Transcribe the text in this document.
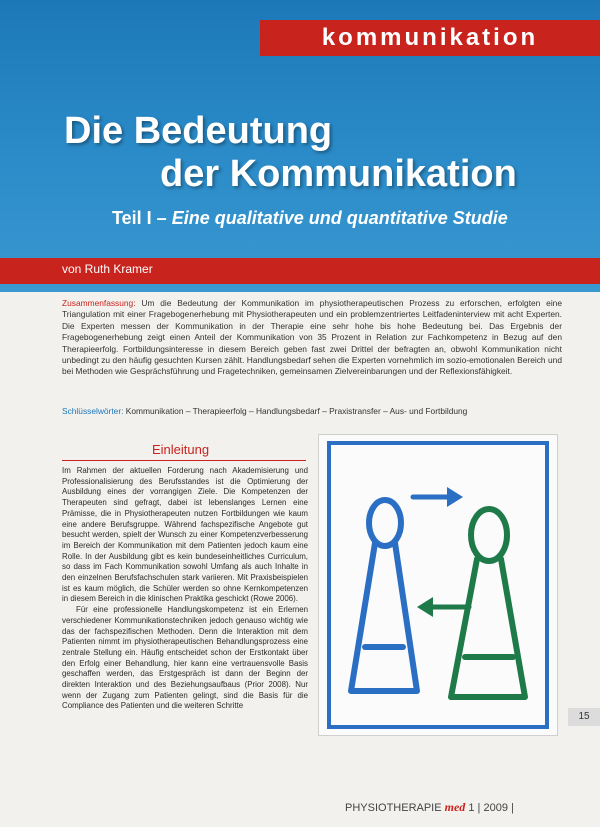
kommunikation
Die Bedeutung
der Kommunikation
Teil I – Eine qualitative und quantitative Studie
von Ruth Kramer
Zusammenfassung: Um die Bedeutung der Kommunikation im physiotherapeutischen Prozess zu erforschen, erfolgten eine Triangulation mit einer Fragebogenerhebung mit Physiotherapeuten und ein problemzentriertes Leitfadeninterview mit acht Experten. Die Experten messen der Kommunikation in der Therapie eine sehr hohe bis hohe Bedeutung bei. Das Ergebnis der Fragebogenerhebung zeigt einen Anteil der Kommunikation von 35 Prozent in Relation zur Fachkompetenz in Bezug auf den Therapieerfolg. Fortbildungsinteresse in diesem Bereich geben fast zwei Drittel der befragten an, obwohl Kommunikation nicht unbedingt zu den häufig gesuchten Kursen zählt. Handlungsbedarf sehen die Experten vornehmlich im sozio-emotionalen Bereich und bei Methoden wie Gesprächsführung und Fragetechniken, gemeinsamen Zielvereinbarungen und der Reflexionsfähigkeit.
Schlüsselwörter: Kommunikation – Therapieerfolg – Handlungsbedarf – Praxistransfer – Aus- und Fortbildung
Einleitung

Im Rahmen der aktuellen Forderung nach Akademisierung und Professionalisierung des Berufsstandes ist die Optimierung der Ausbildung eines der vorrangigen Ziele. Die Kompetenzen der Therapeuten sind gefragt, dabei ist lebenslanges Lernen eine Prämisse, die in Physiotherapeuten nutzen Fortbildungen wie kaum eine andere Berufsgruppe. Während fachspezifische Angebote gut besucht werden, spielt der Wunsch zu einer Kompetenzverbesserung im Bereich der Kommunikation mit dem Patienten jedoch kaum eine Rolle. In der Ausbildung gibt es kein bundeseinheitliches Curriculum, so dass im Fach Kommunikation sowohl Umfang als auch Inhalte in den einzelnen Berufsfachschulen stark variieren. Mit Praxisbeispielen ist es kaum möglich, die Schüler werden so ohne Kernkompetenzen in diesem Bereich in die klinischen Praktika geschickt (Rowe 2006).

Für eine professionelle Handlungskompetenz ist ein Erlernen verschiedener Kommunikationstechniken jedoch genauso wichtig wie das der fachspezifischen Methoden. Denn die Interaktion mit dem Patienten nimmt im physiotherapeutischen Behandlungsprozess eine zentrale Stellung ein. Häufig entscheidet schon der Erstkontakt über den Erfolg einer Behandlung, hier kann eine vertrauensvolle Basis geschaffen werden, das Erstgespräch ist dann der Beginn der direkten Interaktion und des Beziehungsaufbaus (Prior 2008). Nur wenn der Zugang zum Patienten gelingt, sind die Basis für die Compliance des Patienten und die weiteren Schritte

15
PHYSIOTHERAPIE med 1 | 2009 |
